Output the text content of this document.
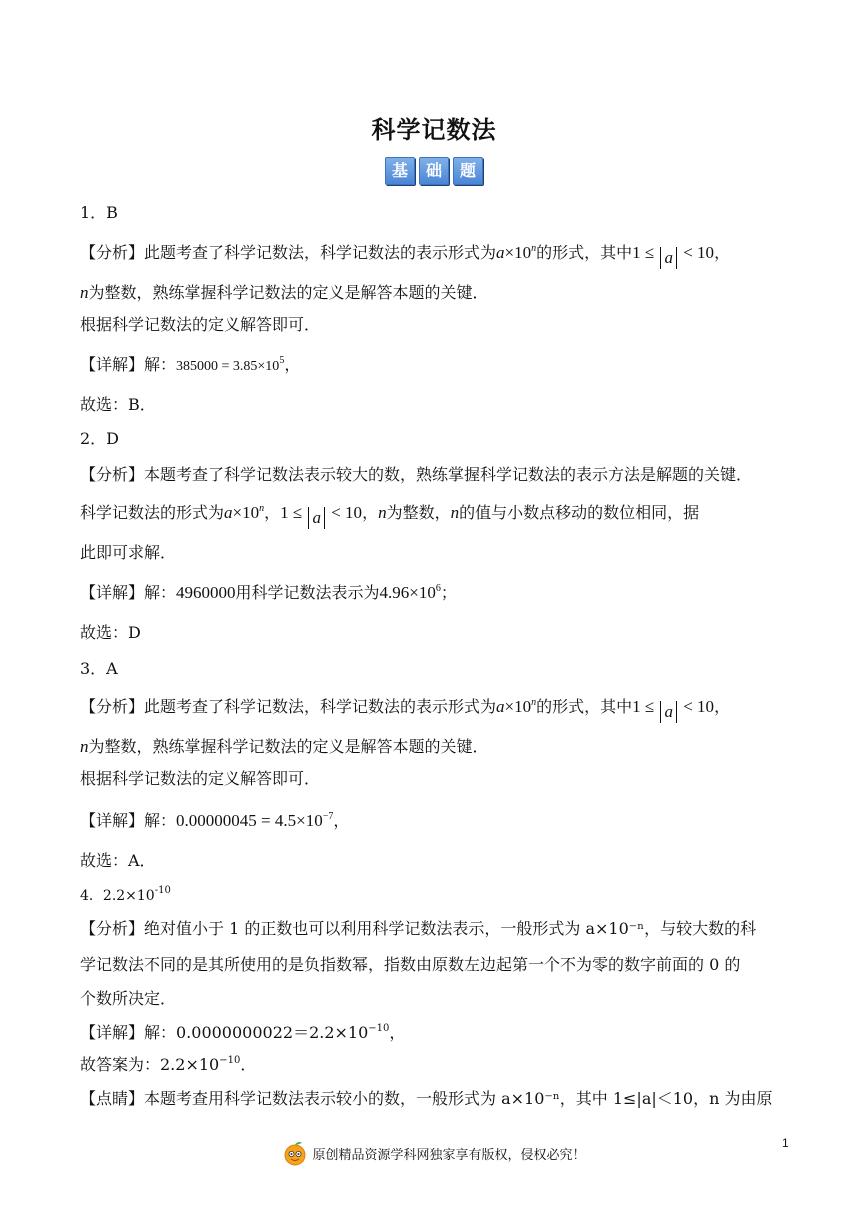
科学记数法
基	础	题
1．B
【分析】此题考查了科学记数法，科学记数法的表示形式为$a\times 10^n$的形式，其中1 ≤ a < 10，
n为整数，熟练掌握科学记数法的定义是解答本题的关键．
根据科学记数法的定义解答即可．
【详解】解：$385000 = 3.85\times 10^5$，
故选：B．
2．D
【分析】本题考查了科学记数法表示较大的数，熟练掌握科学记数法的表示方法是解题的关键．
科学记数法的形式为$a\times 10^n$，1 ≤ a < 10，n为整数，n的值与小数点移动的数位相同，据
此即可求解．
【详解】解：4960000用科学记数法表示为$4.96\times 10^6$；
故选：D
3．A
【分析】此题考查了科学记数法，科学记数法的表示形式为$a\times 10^n$的形式，其中1 ≤ a < 10，
n为整数，熟练掌握科学记数法的定义是解答本题的关键．
根据科学记数法的定义解答即可．
【详解】解：$0.00000045 = 4.5\times 10^{-7}$，
故选：A．
4．$2.2\times 10^{-10}$
【分析】绝对值小于 1 的正数也可以利用科学记数法表示，一般形式为 a×10⁻ⁿ，与较大数的科
学记数法不同的是其所使用的是负指数幂，指数由原数左边起第一个不为零的数字前面的 0 的
个数所决定．
【详解】解：$0.0000000022=2.2\times 10^{-10}$，
故答案为：$2.2\times 10^{-10}$．
【点睛】本题考查用科学记数法表示较小的数，一般形式为 a×10⁻ⁿ，其中 1≤|a|＜10，n 为由原
原创精品资源学科网独家享有版权，侵权必究！
1
